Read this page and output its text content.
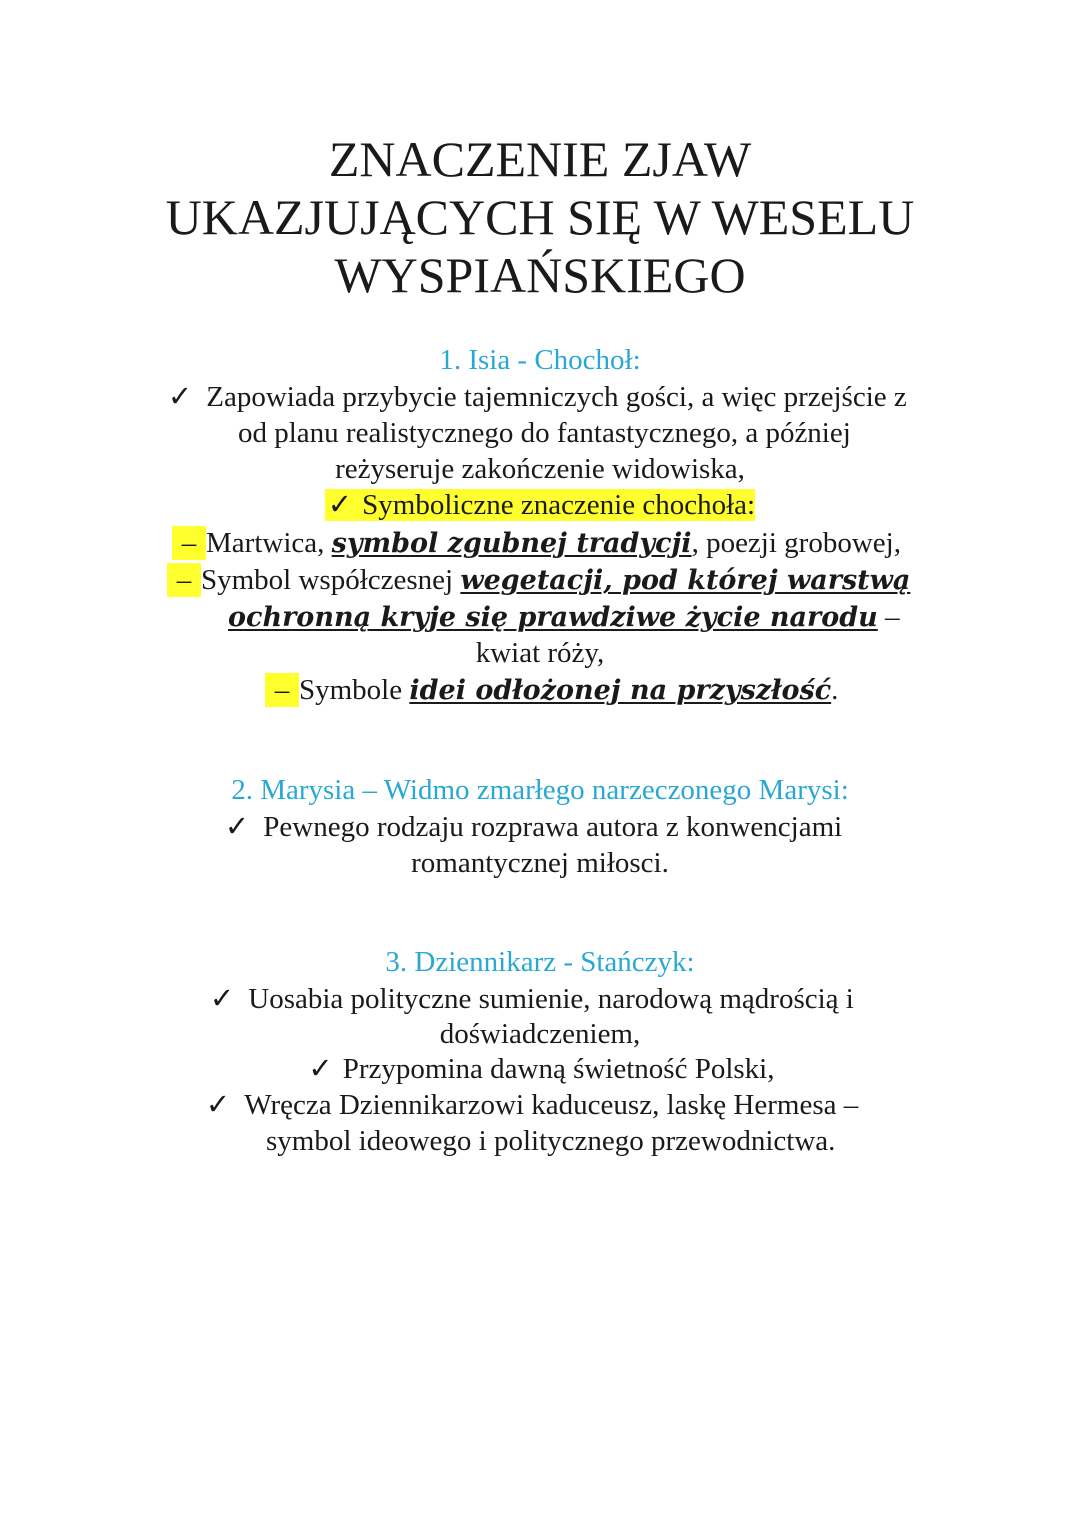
ZNACZENIE ZJAW
UKAZJUJĄCYCH SIĘ W WESELU
WYSPIAŃSKIEGO
1. Isia - Chochoł:
✓ Zapowiada przybycie tajemniczych gości, a więc przejście z
od planu realistycznego do fantastycznego, a później
reżyseruje zakończenie widowiska,
✓ Symboliczne znaczenie chochoła:
– Martwica, symbol zgubnej tradycji, poezji grobowej,
– Symbol współczesnej wegetacji, pod której warstwą
ochronną kryje się prawdziwe życie narodu –
kwiat róży,
– Symbole idei odłożonej na przyszłość.
2. Marysia – Widmo zmarłego narzeczonego Marysi:
✓ Pewnego rodzaju rozprawa autora z konwencjami
romantycznej miłosci.
3. Dziennikarz - Stańczyk:
✓ Uosabia polityczne sumienie, narodową mądrością i
doświadczeniem,
✓ Przypomina dawną świetność Polski,
✓ Wręcza Dziennikarzowi kaduceusz, laskę Hermesa –
symbol ideowego i politycznego przewodnictwa.
